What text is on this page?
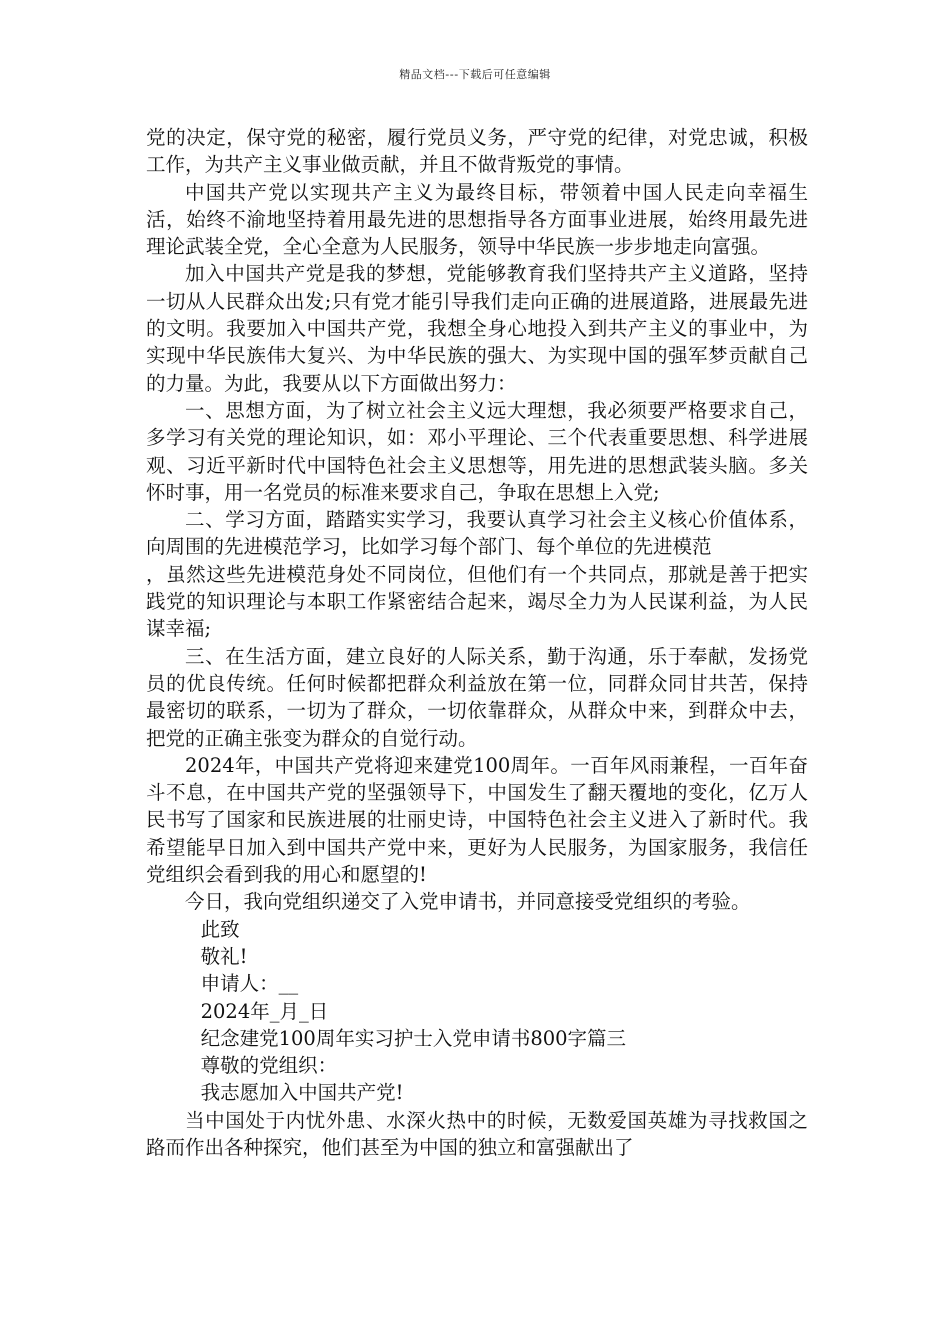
精品文档---下载后可任意编辑

党的决定，保守党的秘密，履行党员义务，严守党的纪律，对党忠诚，积极工作，为共产主义事业做贡献，并且不做背叛党的事情。

中国共产党以实现共产主义为最终目标，带领着中国人民走向幸福生活，始终不渝地坚持着用最先进的思想指导各方面事业进展，始终用最先进理论武装全党，全心全意为人民服务，领导中华民族一步步地走向富强。

加入中国共产党是我的梦想，党能够教育我们坚持共产主义道路，坚持一切从人民群众出发;只有党才能引导我们走向正确的进展道路，进展最先进的文明。我要加入中国共产党，我想全身心地投入到共产主义的事业中，为实现中华民族伟大复兴、为中华民族的强大、为实现中国的强军梦贡献自己的力量。为此，我要从以下方面做出努力：

一、思想方面，为了树立社会主义远大理想，我必须要严格要求自己，多学习有关党的理论知识，如：邓小平理论、三个代表重要思想、科学进展观、习近平新时代中国特色社会主义思想等，用先进的思想武装头脑。多关怀时事，用一名党员的标准来要求自己，争取在思想上入党;

二、学习方面，踏踏实实学习，我要认真学习社会主义核心价值体系，向周围的先进模范学习，比如学习每个部门、每个单位的先进模范

，虽然这些先进模范身处不同岗位，但他们有一个共同点，那就是善于把实践党的知识理论与本职工作紧密结合起来，竭尽全力为人民谋利益，为人民谋幸福;

三、在生活方面，建立良好的人际关系，勤于沟通，乐于奉献，发扬党员的优良传统。任何时候都把群众利益放在第一位，同群众同甘共苦，保持最密切的联系，一切为了群众，一切依靠群众，从群众中来，到群众中去，把党的正确主张变为群众的自觉行动。

2024年，中国共产党将迎来建党100周年。一百年风雨兼程，一百年奋斗不息，在中国共产党的坚强领导下，中国发生了翻天覆地的变化，亿万人民书写了国家和民族进展的壮丽史诗，中国特色社会主义进入了新时代。我希望能早日加入到中国共产党中来，更好为人民服务，为国家服务，我信任党组织会看到我的用心和愿望的!

今日，我向党组织递交了入党申请书，并同意接受党组织的考验。

此致

敬礼!

申请人：__

2024年_月_日

纪念建党100周年实习护士入党申请书800字篇三

尊敬的党组织：

我志愿加入中国共产党!

当中国处于内忧外患、水深火热中的时候，无数爱国英雄为寻找救国之路而作出各种探究，他们甚至为中国的独立和富强献出了
